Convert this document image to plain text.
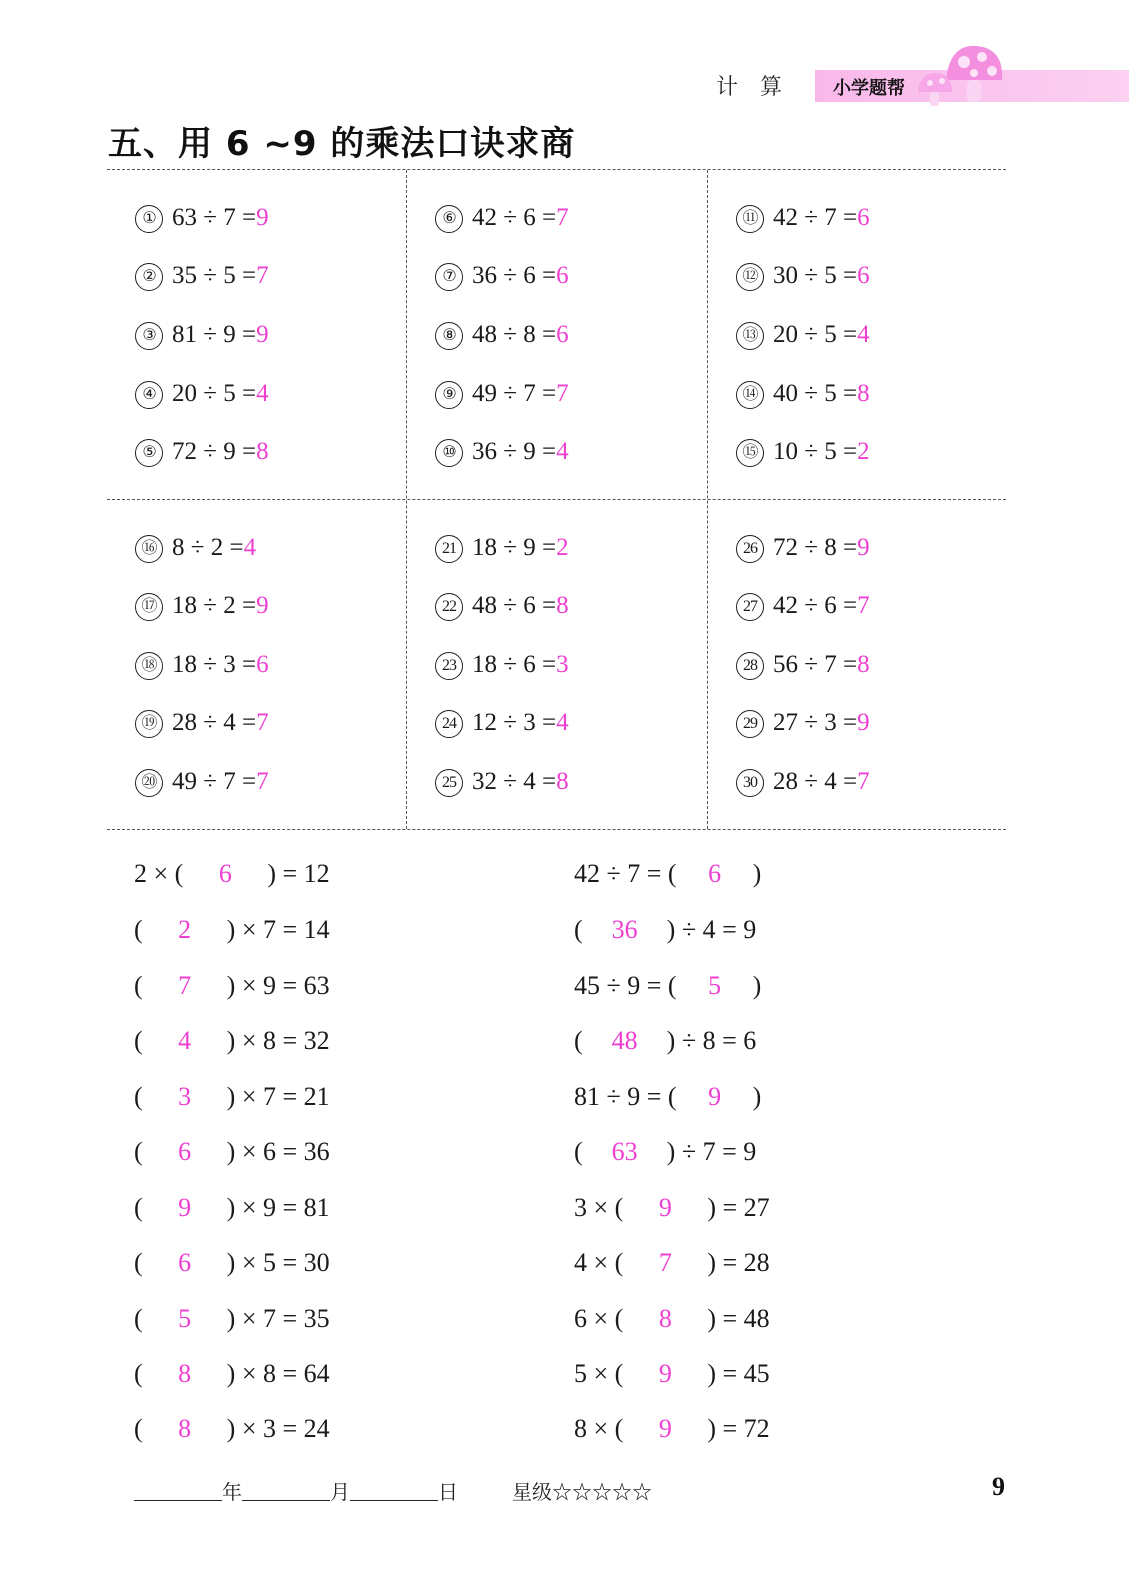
计算 小学题帮
五、用 6 ~9 的乘法口诀求商
① 63 ÷ 7 =9
② 35 ÷ 5 =7
③ 81 ÷ 9 =9
④ 20 ÷ 5 =4
⑤ 72 ÷ 9 =8
⑥ 42 ÷ 6 =7
⑦ 36 ÷ 6 =6
⑧ 48 ÷ 8 =6
⑨ 49 ÷ 7 =7
⑩ 36 ÷ 9 =4
⑪ 42 ÷ 7 =6
⑫ 30 ÷ 5 =6
⑬ 20 ÷ 5 =4
⑭ 40 ÷ 5 =8
⑮ 10 ÷ 5 =2
⑯ 8 ÷ 2 =4
⑰ 18 ÷ 2 =9
⑱ 18 ÷ 3 =6
⑲ 28 ÷ 4 =7
⑳ 49 ÷ 7 =7
21 18 ÷ 9 =2
22 48 ÷ 6 =8
23 18 ÷ 6 =3
24 12 ÷ 3 =4
25 32 ÷ 4 =8
26 72 ÷ 8 =9
27 42 ÷ 6 =7
28 56 ÷ 7 =8
29 27 ÷ 3 =9
30 28 ÷ 4 =7
2 × ( 6 ) = 12
( 2 ) × 7 = 14
( 7 ) × 9 = 63
( 4 ) × 8 = 32
( 3 ) × 7 = 21
( 6 ) × 6 = 36
( 9 ) × 9 = 81
( 6 ) × 5 = 30
( 5 ) × 7 = 35
( 8 ) × 8 = 64
( 8 ) × 3 = 24
42 ÷ 7 = ( 6 )
( 36 ) ÷ 4 = 9
45 ÷ 9 = ( 5 )
( 48 ) ÷ 8 = 6
81 ÷ 9 = ( 9 )
( 63 ) ÷ 7 = 9
3 × ( 9 ) = 27
4 × ( 7 ) = 28
6 × ( 8 ) = 48
5 × ( 9 ) = 45
8 × ( 9 ) = 72
年	月	日	星级☆☆☆☆☆	9
